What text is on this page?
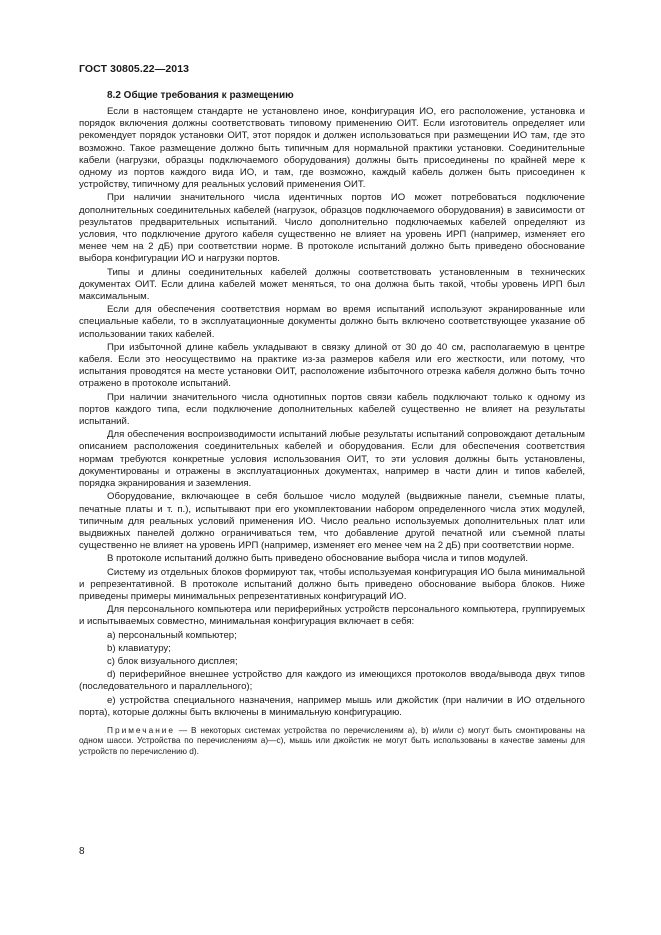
ГОСТ 30805.22—2013
8.2 Общие требования к размещению
Если в настоящем стандарте не установлено иное, конфигурация ИО, его расположение, установка и порядок включения должны соответствовать типовому применению ОИТ. Если изготовитель определяет или рекомендует порядок установки ОИТ, этот порядок и должен использоваться при размещении ИО там, где это возможно. Такое размещение должно быть типичным для нормальной практики установки. Соединительные кабели (нагрузки, образцы подключаемого оборудования) должны быть присоединены по крайней мере к одному из портов каждого вида ИО, и там, где возможно, каждый кабель должен быть присоединен к устройству, типичному для реальных условий применения ОИТ.
При наличии значительного числа идентичных портов ИО может потребоваться подключение дополнительных соединительных кабелей (нагрузок, образцов подключаемого оборудования) в зависимости от результатов предварительных испытаний. Число дополнительно подключаемых кабелей определяют из условия, что подключение другого кабеля существенно не влияет на уровень ИРП (например, изменяет его менее чем на 2 дБ) при соответствии норме. В протоколе испытаний должно быть приведено обоснование выбора конфигурации ИО и нагрузки портов.
Типы и длины соединительных кабелей должны соответствовать установленным в технических документах ОИТ. Если длина кабелей может меняться, то она должна быть такой, чтобы уровень ИРП был максимальным.
Если для обеспечения соответствия нормам во время испытаний используют экранированные или специальные кабели, то в эксплуатационные документы должно быть включено соответствующее указание об использовании таких кабелей.
При избыточной длине кабель укладывают в связку длиной от 30 до 40 см, располагаемую в центре кабеля. Если это неосуществимо на практике из-за размеров кабеля или его жесткости, или потому, что испытания проводятся на месте установки ОИТ, расположение избыточного отрезка кабеля должно быть точно отражено в протоколе испытаний.
При наличии значительного числа однотипных портов связи кабель подключают только к одному из портов каждого типа, если подключение дополнительных кабелей существенно не влияет на результаты испытаний.
Для обеспечения воспроизводимости испытаний любые результаты испытаний сопровождают детальным описанием расположения соединительных кабелей и оборудования. Если для обеспечения соответствия нормам требуются конкретные условия использования ОИТ, то эти условия должны быть установлены, документированы и отражены в эксплуатационных документах, например в части длин и типов кабелей, порядка экранирования и заземления.
Оборудование, включающее в себя большое число модулей (выдвижные панели, съемные платы, печатные платы и т. п.), испытывают при его укомплектовании набором определенного числа этих модулей, типичным для реальных условий применения ИО. Число реально используемых дополнительных плат или выдвижных панелей должно ограничиваться тем, что добавление другой печатной или съемной платы существенно не влияет на уровень ИРП (например, изменяет его менее чем на 2 дБ) при соответствии норме.
В протоколе испытаний должно быть приведено обоснование выбора числа и типов модулей.
Систему из отдельных блоков формируют так, чтобы используемая конфигурация ИО была минимальной и репрезентативной. В протоколе испытаний должно быть приведено обоснование выбора блоков. Ниже приведены примеры минимальных репрезентативных конфигураций ИО.
Для персонального компьютера или периферийных устройств персонального компьютера, группируемых и испытываемых совместно, минимальная конфигурация включает в себя:
a) персональный компьютер;
b) клавиатуру;
c) блок визуального дисплея;
d) периферийное внешнее устройство для каждого из имеющихся протоколов ввода/вывода двух типов (последовательного и параллельного);
e) устройства специального назначения, например мышь или джойстик (при наличии в ИО отдельного порта), которые должны быть включены в минимальную конфигурацию.
Примечание — В некоторых системах устройства по перечислениям a), b) и/или c) могут быть смонтированы на одном шасси. Устройства по перечислениям a)—c), мышь или джойстик не могут быть использованы в качестве замены для устройств по перечислению d).
8
